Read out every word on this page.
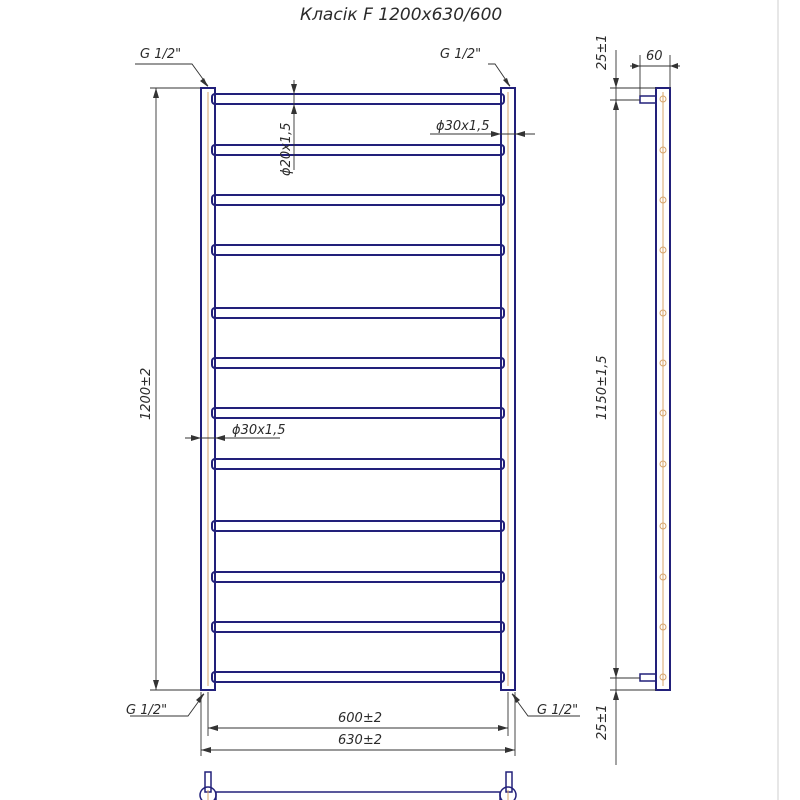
Класік F 1200х630/600
G 1/2"	G 1/2"
G 1/2"	G 1/2"
1200±2
ϕ20х1,5	ϕ30х1,5
ϕ30х1,5
600±2
630±2
25±1
1150±1,5
25±1
60
